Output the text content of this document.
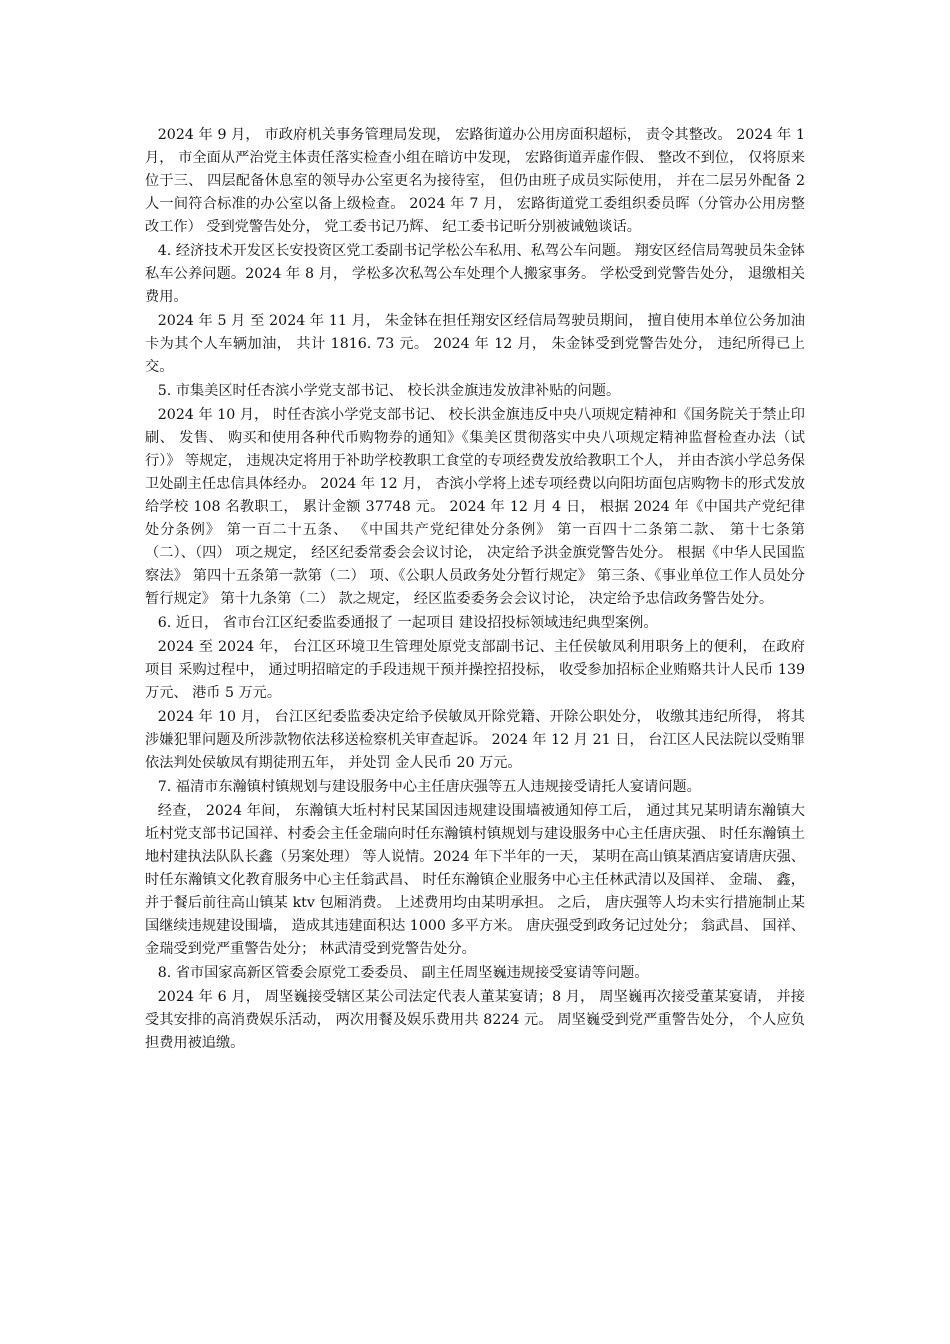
2024 年 9 月， 市政府机关事务管理局发现， 宏路街道办公用房面积超标， 责令其整改。 2024 年 1 月， 市全面从严治党主体责任落实检查小组在暗访中发现， 宏路街道弄虚作假、 整改不到位， 仅将原来位于三、 四层配备休息室的领导办公室更名为接待室， 但仍由班子成员实际使用， 并在二层另外配备 2 人一间符合标准的办公室以备上级检查。 2024 年 7 月， 宏路街道党工委组织委员晖（分管办公用房整改工作） 受到党警告处分， 党工委书记乃辉、 纪工委书记昕分别被诫勉谈话。

4. 经济技术开发区长安投资区党工委副书记学松公车私用、私驾公车问题。 翔安区经信局驾驶员朱金钵私车公养问题。2024 年 8 月， 学松多次私驾公车处理个人搬家事务。 学松受到党警告处分， 退缴相关费用。

2024 年 5 月 至 2024 年 11 月， 朱金钵在担任翔安区经信局驾驶员期间， 擅自使用本单位公务加油卡为其个人车辆加油， 共计 1816. 73 元。 2024 年 12 月， 朱金钵受到党警告处分， 违纪所得已上交。

5. 市集美区时任杏滨小学党支部书记、 校长洪金旗违发放津补贴的问题。

2024 年 10 月， 时任杏滨小学党支部书记、 校长洪金旗违反中央八项规定精神和《国务院关于禁止印刷、 发售、 购买和使用各种代币购物券的通知》《集美区贯彻落实中央八项规定精神监督检查办法（试行）》 等规定， 违规决定将用于补助学校教职工食堂的专项经费发放给教职工个人， 并由杏滨小学总务保卫处副主任忠信具体经办。 2024 年 12 月， 杏滨小学将上述专项经费以向阳坊面包店购物卡的形式发放给学校 108 名教职工， 累计金额 37748 元。 2024 年 12 月 4 日， 根据 2024 年《中国共产党纪律处分条例》 第一百二十五条、 《中国共产党纪律处分条例》 第一百四十二条第二款、 第十七条第（二）、（四） 项之规定， 经区纪委常委会会议讨论， 决定给予洪金旗党警告处分。 根据《中华人民国监察法》 第四十五条第一款第（二） 项、《公职人员政务处分暂行规定》 第三条、《事业单位工作人员处分暂行规定》 第十九条第（二） 款之规定， 经区监委委务会会议讨论， 决定给予忠信政务警告处分。

6. 近日， 省市台江区纪委监委通报了 一起项目 建设招投标领域违纪典型案例。

2024 至 2024 年， 台江区环境卫生管理处原党支部副书记、主任侯敏凤利用职务上的便利， 在政府项目 采购过程中， 通过明招暗定的手段违规干预并操控招投标， 收受参加招标企业贿赂共计人民币 139 万元、 港币 5 万元。

2024 年 10 月， 台江区纪委监委决定给予侯敏凤开除党籍、开除公职处分， 收缴其违纪所得， 将其涉嫌犯罪问题及所涉款物依法移送检察机关审查起诉。 2024 年 12 月 21 日， 台江区人民法院以受贿罪依法判处侯敏凤有期徒刑五年， 并处罚 金人民币 20 万元。

7. 福清市东瀚镇村镇规划与建设服务中心主任唐庆强等五人违规接受请托人宴请问题。

经查， 2024 年间， 东瀚镇大坵村村民某国因违规建设围墙被通知停工后， 通过其兄某明请东瀚镇大坵村党支部书记国祥、村委会主任金瑞向时任东瀚镇村镇规划与建设服务中心主任唐庆强、 时任东瀚镇土地村建执法队队长鑫（另案处理） 等人说情。2024 年下半年的一天， 某明在高山镇某酒店宴请唐庆强、 时任东瀚镇文化教育服务中心主任翁武昌、 时任东瀚镇企业服务中心主任林武清以及国祥、 金瑞、 鑫， 并于餐后前往高山镇某 ktv 包厢消费。 上述费用均由某明承担。 之后， 唐庆强等人均未实行措施制止某国继续违规建设围墙， 造成其违建面积达 1000 多平方米。 唐庆强受到政务记过处分； 翁武昌、 国祥、 金瑞受到党严重警告处分； 林武清受到党警告处分。

8. 省市国家高新区管委会原党工委委员、 副主任周坚巍违规接受宴请等问题。

2024 年 6 月， 周坚巍接受辖区某公司法定代表人董某宴请；8 月， 周坚巍再次接受董某宴请， 并接受其安排的高消费娱乐活动， 两次用餐及娱乐费用共 8224 元。 周坚巍受到党严重警告处分， 个人应负担费用被追缴。
